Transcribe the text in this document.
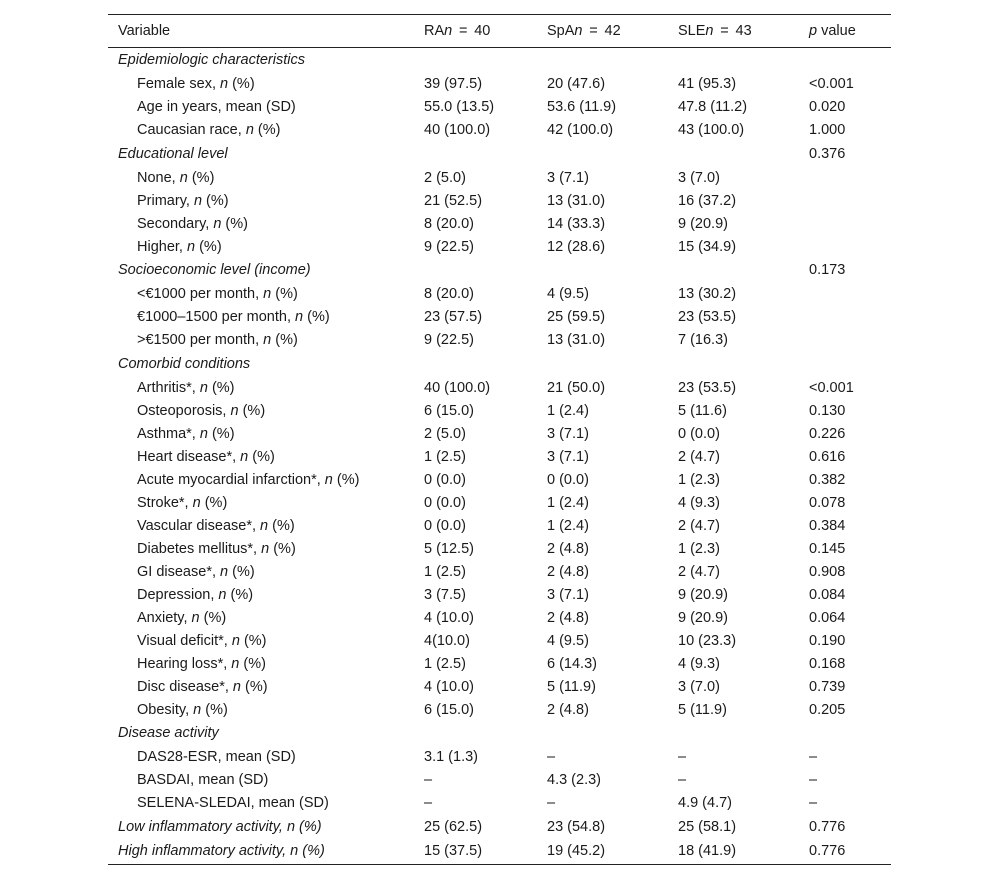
Variable	RAn = 40	SpAn = 42	SLEn = 43	p value
Epidemiologic characteristics				
Female sex, n (%)	39 (97.5)	20 (47.6)	41 (95.3)	<0.001
Age in years, mean (SD)	55.0 (13.5)	53.6 (11.9)	47.8 (11.2)	0.020
Caucasian race, n (%)	40 (100.0)	42 (100.0)	43 (100.0)	1.000
Educational level				0.376
None, n (%)	2 (5.0)	3 (7.1)	3 (7.0)	
Primary, n (%)	21 (52.5)	13 (31.0)	16 (37.2)	
Secondary, n (%)	8 (20.0)	14 (33.3)	9 (20.9)	
Higher, n (%)	9 (22.5)	12 (28.6)	15 (34.9)	
Socioeconomic level (income)				0.173
<€1000 per month, n (%)	8 (20.0)	4 (9.5)	13 (30.2)	
€1000–1500 per month, n (%)	23 (57.5)	25 (59.5)	23 (53.5)	
>€1500 per month, n (%)	9 (22.5)	13 (31.0)	7 (16.3)	
Comorbid conditions				
Arthritis*, n (%)	40 (100.0)	21 (50.0)	23 (53.5)	<0.001
Osteoporosis, n (%)	6 (15.0)	1 (2.4)	5 (11.6)	0.130
Asthma*, n (%)	2 (5.0)	3 (7.1)	0 (0.0)	0.226
Heart disease*, n (%)	1 (2.5)	3 (7.1)	2 (4.7)	0.616
Acute myocardial infarction*, n (%)	0 (0.0)	0 (0.0)	1 (2.3)	0.382
Stroke*, n (%)	0 (0.0)	1 (2.4)	4 (9.3)	0.078
Vascular disease*, n (%)	0 (0.0)	1 (2.4)	2 (4.7)	0.384
Diabetes mellitus*, n (%)	5 (12.5)	2 (4.8)	1 (2.3)	0.145
GI disease*, n (%)	1 (2.5)	2 (4.8)	2 (4.7)	0.908
Depression, n (%)	3 (7.5)	3 (7.1)	9 (20.9)	0.084
Anxiety, n (%)	4 (10.0)	2 (4.8)	9 (20.9)	0.064
Visual deficit*, n (%)	4(10.0)	4 (9.5)	10 (23.3)	0.190
Hearing loss*, n (%)	1 (2.5)	6 (14.3)	4 (9.3)	0.168
Disc disease*, n (%)	4 (10.0)	5 (11.9)	3 (7.0)	0.739
Obesity, n (%)	6 (15.0)	2 (4.8)	5 (11.9)	0.205
Disease activity				
DAS28-ESR, mean (SD)	3.1 (1.3)	–	–	–
BASDAI, mean (SD)	–	4.3 (2.3)	–	–
SELENA-SLEDAI, mean (SD)	–	–	4.9 (4.7)	–
Low inflammatory activity, n (%)	25 (62.5)	23 (54.8)	25 (58.1)	0.776
High inflammatory activity, n (%)	15 (37.5)	19 (45.2)	18 (41.9)	0.776
